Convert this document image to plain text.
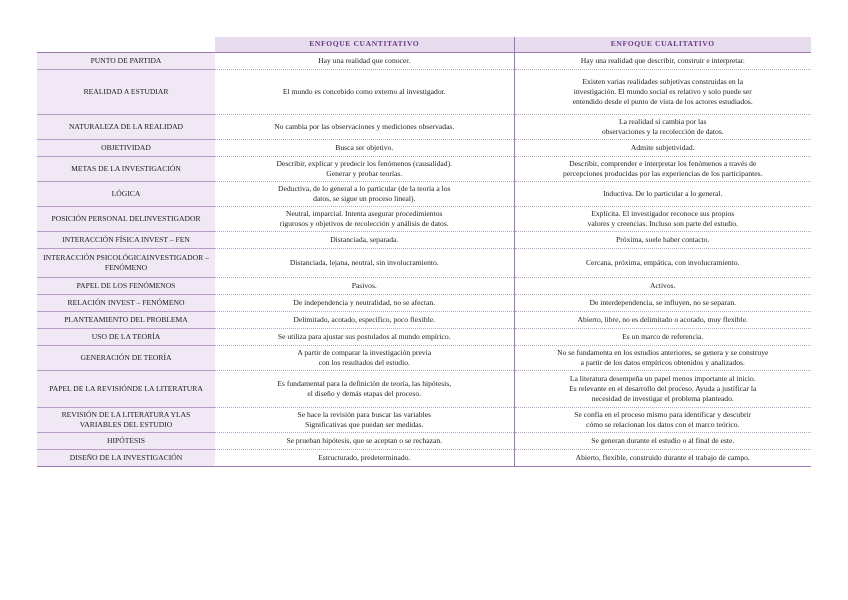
	ENFOQUE CUANTITATIVO	ENFOQUE CUALITATIVO
PUNTO DE PARTIDA	Hay una realidad que conocer.	Hay una realidad que describir, construir e interpretar.

REALIDAD A ESTUDIAR	El mundo es concebido como externo al investigador.	Existen varias realidades subjetivas construidas en la
investigación. El mundo social es relativo y solo puede ser
entendido desde el punto de vista de los actores estudiados.

NATURALEZA DE LA REALIDAD	No cambia por las observaciones y mediciones observadas.	La realidad si cambia por las
observaciones y la recolección de datos.

OBJETIVIDAD	Busca ser objetivo.	Admite subjetividad.

METAS DE LA INVESTIGACIÓN	Describir, explicar y predecir los fenómenos (causalidad).
Generar y probar teorías.	Describir, comprender e interpretar los fenómenos a través de
percepciones producidas por las experiencias de los participantes.

LÓGICA	Deductiva, de lo general a lo particular (de la teoría a los
datos, se sigue un proceso lineal).	Inductiva. De lo particular a lo general.

POSICIÓN PERSONAL DELINVESTIGADOR	Neutral, imparcial. Intenta asegurar procedimientos
rigurosos y objetivos de recolección y análisis de datos.	Explícita. El investigador reconoce sus propios
valores y creencias. Incluso son parte del estudio.

INTERACCIÓN FÍSICA INVEST – FEN	Distanciada, separada.	Próxima, suele haber contacto.

INTERACCIÓN PSICOLÓGICAINVESTIGADOR – FENÓMENO	Distanciada, lejana, neutral, sin involucramiento.	Cercana, próxima, empática, con involucramiento.

PAPEL DE LOS FENÓMENOS	Pasivos.	Activos.

RELACIÓN INVEST – FENÓMENO	De independencia y neutralidad, no se afectan.	De interdependencia, se influyen, no se separan.

PLANTEAMIENTO DEL PROBLEMA	Delimitado, acotado, específico, poco flexible.	Abierto, libre, no es delimitado o acotado, muy flexible.

USO DE LA TEORÍA	Se utiliza para ajustar sus postulados al mundo empírico.	Es un marco de referencia.

GENERACIÓN DE TEORÍA	A partir de comparar la investigación previa
con los resultados del estudio.	No se fundamenta en los estudios anteriores, se genera y se construye
a partir de los datos empíricos obtenidos y analizados.

PAPEL DE LA REVISIÓNDE LA LITERATURA	Es fundamental para la definición de teoría, las hipótesis,
el diseño y demás etapas del proceso.	La literatura desempeña un papel menos importante al inicio.
Es relevante en el desarrollo del proceso. Ayuda a justificar la
necesidad de investigar el problema planteado.

REVISIÓN DE LA LITERATURA YLAS VARIABLES DEL ESTUDIO	Se hace la revisión para buscar las variables
Significativas que puedan ser medidas.	Se confía en el proceso mismo para identificar y descubrir
cómo se relacionan los datos con el marco teórico.

HIPÓTESIS	Se prueban hipótesis, que se aceptan o se rechazan.	Se generan durante el estudio o al final de este.

DISEÑO DE LA INVESTIGACIÓN	Estructurado, predeterminado.	Abierto, flexible, construido durante el trabajo de campo.
